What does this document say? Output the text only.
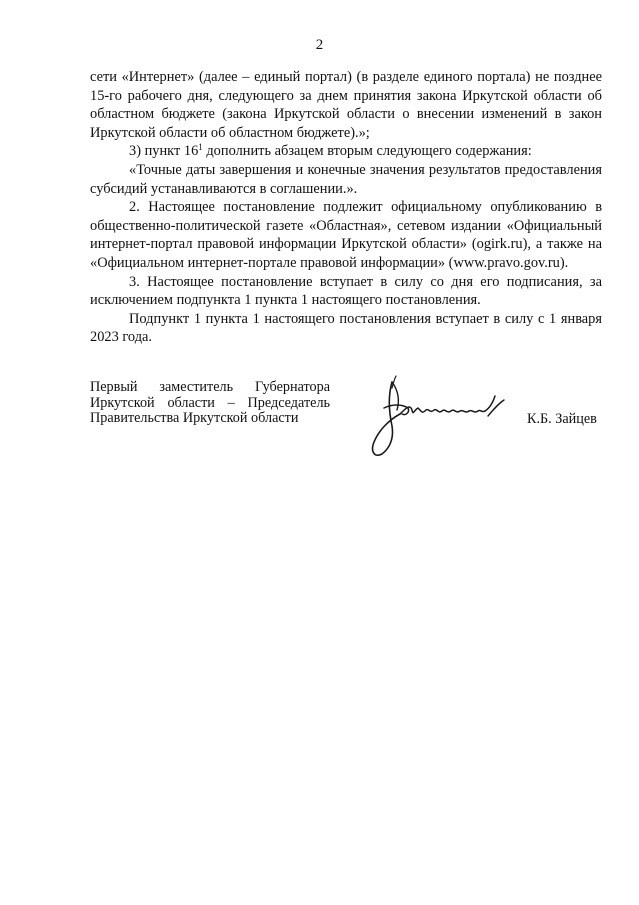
2

сети «Интернет» (далее – единый портал) (в разделе единого портала) не позднее 15-го рабочего дня, следующего за днем принятия закона Иркутской области об областном бюджете (закона Иркутской области о внесении изменений в закон Иркутской области об областном бюджете).»;

3) пункт $16^1$ дополнить абзацем вторым следующего содержания:

«Точные даты завершения и конечные значения результатов предоставления субсидий устанавливаются в соглашении.».

2. Настоящее постановление подлежит официальному опубликованию в общественно-политической газете «Областная», сетевом издании «Официальный интернет-портал правовой информации Иркутской области» (ogirk.ru), а также на «Официальном интернет-портале правовой информации» (www.pravo.gov.ru).

3. Настоящее постановление вступает в силу со дня его подписания, за исключением подпункта 1 пункта 1 настоящего постановления.

Подпункт 1 пункта 1 настоящего постановления вступает в силу с 1 января 2023 года.

Первый заместитель Губернатора
Иркутской области – Председатель
Правительства Иркутской области	К.Б. Зайцев
